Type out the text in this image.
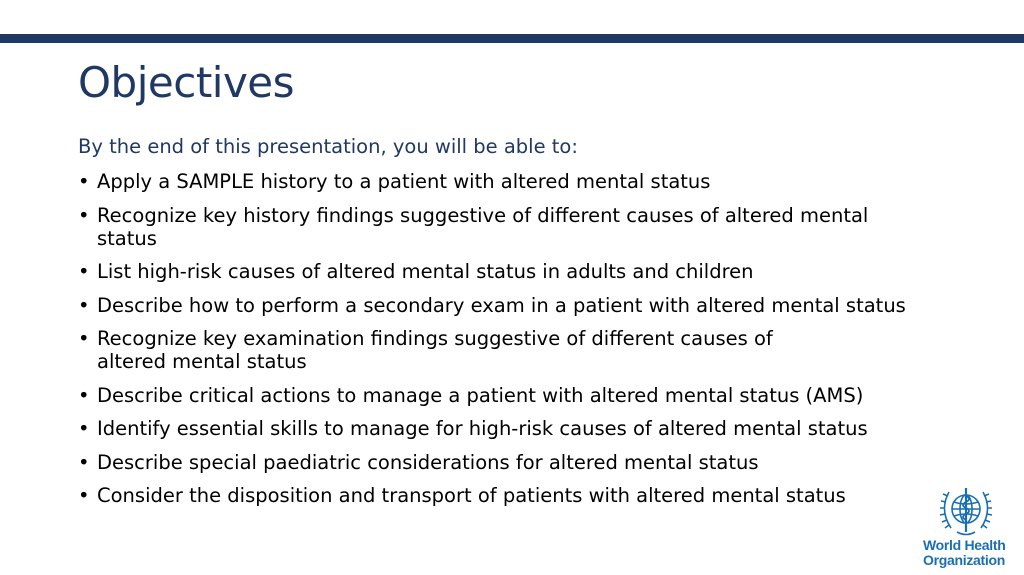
Objectives

By the end of this presentation, you will be able to:

• Apply a SAMPLE history to a patient with altered mental status
• Recognize key history findings suggestive of different causes of altered mental status
• List high-risk causes of altered mental status in adults and children
• Describe how to perform a secondary exam in a patient with altered mental status
• Recognize key examination findings suggestive of different causes of altered mental status
• Describe critical actions to manage a patient with altered mental status (AMS)
• Identify essential skills to manage for high-risk causes of altered mental status
• Describe special paediatric considerations for altered mental status
• Consider the disposition and transport of patients with altered mental status
World Health
Organization
